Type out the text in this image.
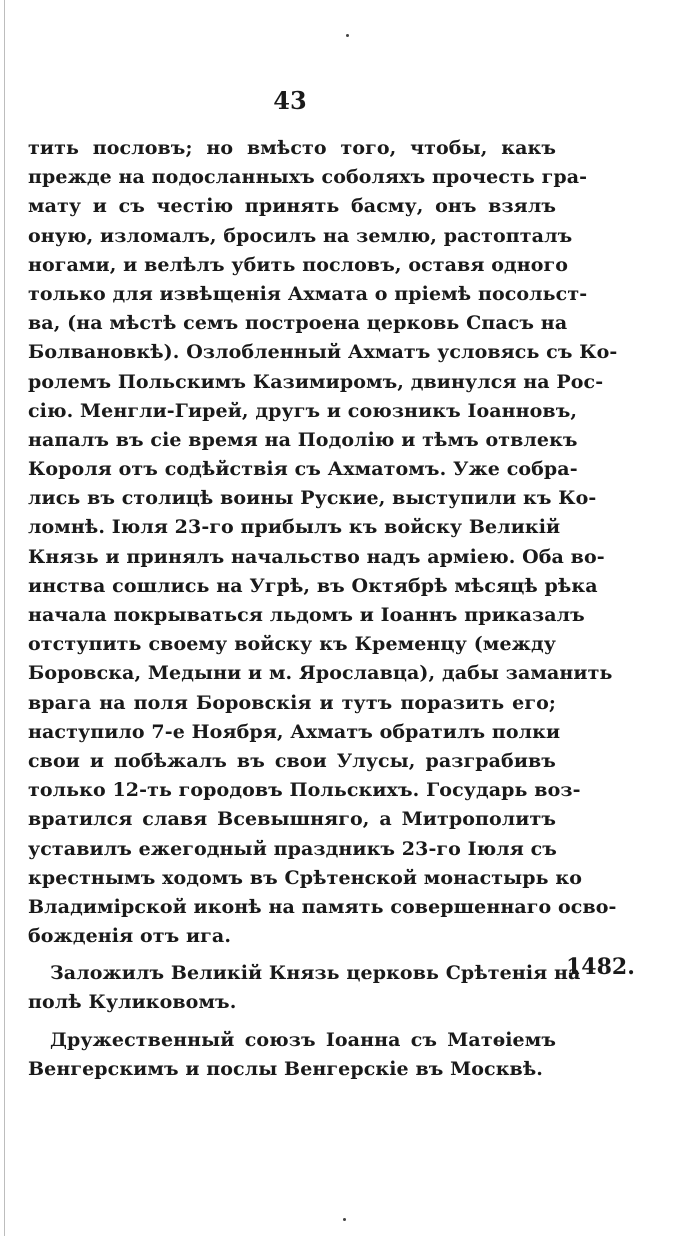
43
тить пословъ; но вмѣсто того, чтобы, какъ
прежде на подосланныхъ соболяхъ прочесть гра-
мату и съ честію принять басму, онъ взялъ
оную, изломалъ, бросилъ на землю, растопталъ
ногами, и велѣлъ убить пословъ, оставя одного
только для извѣщенія Ахмата о пріемѣ посольст-
ва, (на мѣстѣ семъ построена церковь Спасъ на
Болвановкѣ). Озлобленный Ахматъ условясь съ Ко-
ролемъ Польскимъ Казимиромъ, двинулся на Рос-
сію. Менгли-Гирей, другъ и союзникъ Іоанновъ,
напалъ въ сіе время на Подолію и тѣмъ отвлекъ
Короля отъ содѣйствія съ Ахматомъ. Уже собра-
лись въ столицѣ воины Руские, выступили къ Ко-
ломнѣ. Іюля 23-го прибылъ къ войску Великій
Князь и принялъ начальство надъ арміею. Оба во-
инства сошлись на Угрѣ, въ Октябрѣ мѣсяцѣ рѣка
начала покрываться льдомъ и Іоаннъ приказалъ
отступить своему войску къ Кременцу (между
Боровска, Медыни и м. Ярославца), дабы заманить
врага на поля Боровскія и тутъ поразить его;
наступило 7-е Ноября, Ахматъ обратилъ полки
свои и побѣжалъ въ свои Улусы, разграбивъ
только 12-ть городовъ Польскихъ. Государь воз-
вратился славя Всевышняго, а Митрополитъ
уставилъ ежегодный праздникъ 23-го Іюля съ
крестнымъ ходомъ въ Срѣтенской монастырь ко
Владимірской иконѣ на память совершеннаго осво-
божденія отъ ига.
Заложилъ Великій Князь церковь Срѣтенія на
полѣ Куликовомъ.
Дружественный союзъ Іоанна съ Матѳіемъ
Венгерскимъ и послы Венгерскіе въ Москвѣ.
1482.
